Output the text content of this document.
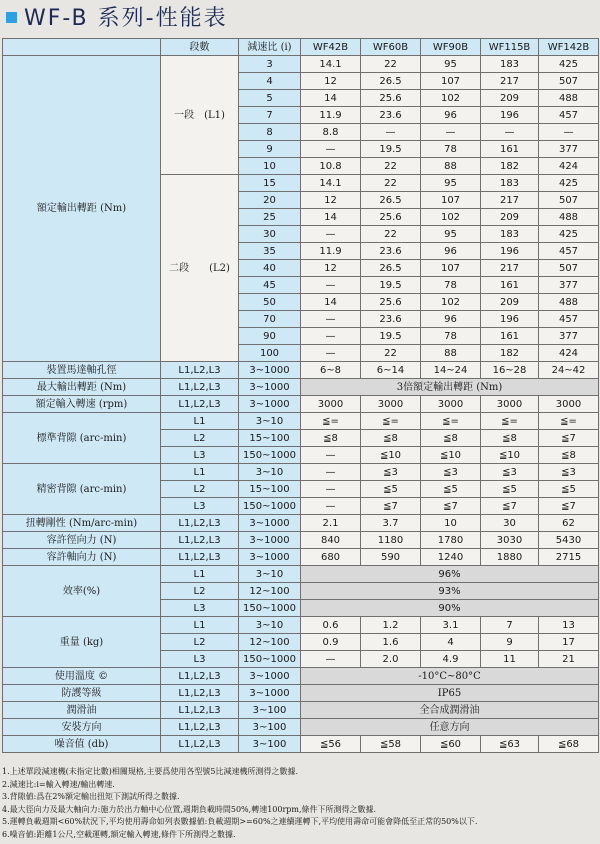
WF-B 系列-性能表
	段數	減速比 (i)	WF42B	WF60B	WF90B	WF115B	WF142B
額定輸出轉距 (Nm)	一段　(L1)	3	14.1	22	95	183	425
		4	12	26.5	107	217	507
		5	14	25.6	102	209	488
		7	11.9	23.6	96	196	457
		8	8.8	—	—	—	—
		9	—	19.5	78	161	377
		10	10.8	22	88	182	424
	二段　　(L2)	15	14.1	22	95	183	425
		20	12	26.5	107	217	507
		25	14	25.6	102	209	488
		30	—	22	95	183	425
		35	11.9	23.6	96	196	457
		40	12	26.5	107	217	507
		45	—	19.5	78	161	377
		50	14	25.6	102	209	488
		70	—	23.6	96	196	457
		90	—	19.5	78	161	377
		100	—	22	88	182	424
裝置馬達軸孔徑	L1,L2,L3	3~1000	6~8	6~14	14~24	16~28	24~42
最大輸出轉距 (Nm)	L1,L2,L3	3~1000	3倍額定輸出轉距 (Nm)				
額定輸入轉速 (rpm)	L1,L2,L3	3~1000	3000	3000	3000	3000	3000
標準背隙 (arc-min)	L1	3~10	≦=	≦=	≦=	≦=	≦=
	L2	15~100	≦8	≦8	≦8	≦8	≦7
	L3	150~1000	—	≦10	≦10	≦10	≦8
精密背隙 (arc-min)	L1	3~10	—	≦3	≦3	≦3	≦3
	L2	15~100	—	≦5	≦5	≦5	≦5
	L3	150~1000	—	≦7	≦7	≦7	≦7
扭轉剛性 (Nm/arc-min)	L1,L2,L3	3~1000	2.1	3.7	10	30	62
容許徑向力 (N)	L1,L2,L3	3~1000	840	1180	1780	3030	5430
容許軸向力 (N)	L1,L2,L3	3~1000	680	590	1240	1880	2715
效率(%)	L1	3~10	96%				
	L2	12~100	93%				
	L3	150~1000	90%				
重量 (kg)	L1	3~10	0.6	1.2	3.1	7	13
	L2	12~100	0.9	1.6	4	9	17
	L3	150~1000	—	2.0	4.9	11	21
使用溫度 ©	L1,L2,L3	3~1000	-10°C~80°C				
防護等級	L1,L2,L3	3~1000	IP65				
潤滑油	L1,L2,L3	3~100	全合成潤滑油				
安裝方向	L1,L2,L3	3~100	任意方向				
噪音值 (db)	L1,L2,L3	3~100	≦56	≦58	≦60	≦63	≦68
1.上述單段減速機(未指定比數)相關規格,主要爲使用各型號5比減速機所測得之數據.
2.減速比:i=輸入轉速/輸出轉速.
3.背隙値:爲在2%額定輸出扭矩下測試所得之數據.
4.最大徑向力及最大軸向力:施力於出力軸中心位置,週期負載時間50%,轉速100rpm,條件下所測得之數據.
5.運轉負載週期<60%狀況下,平均使用壽命如列表數據値:負載週期>=60%之連續運轉下,平均使用壽命可能會降低至正常的50%以下.
6.噪音値:距離1公尺,空載運轉,額定輸入轉速,條件下所測得之數據.
